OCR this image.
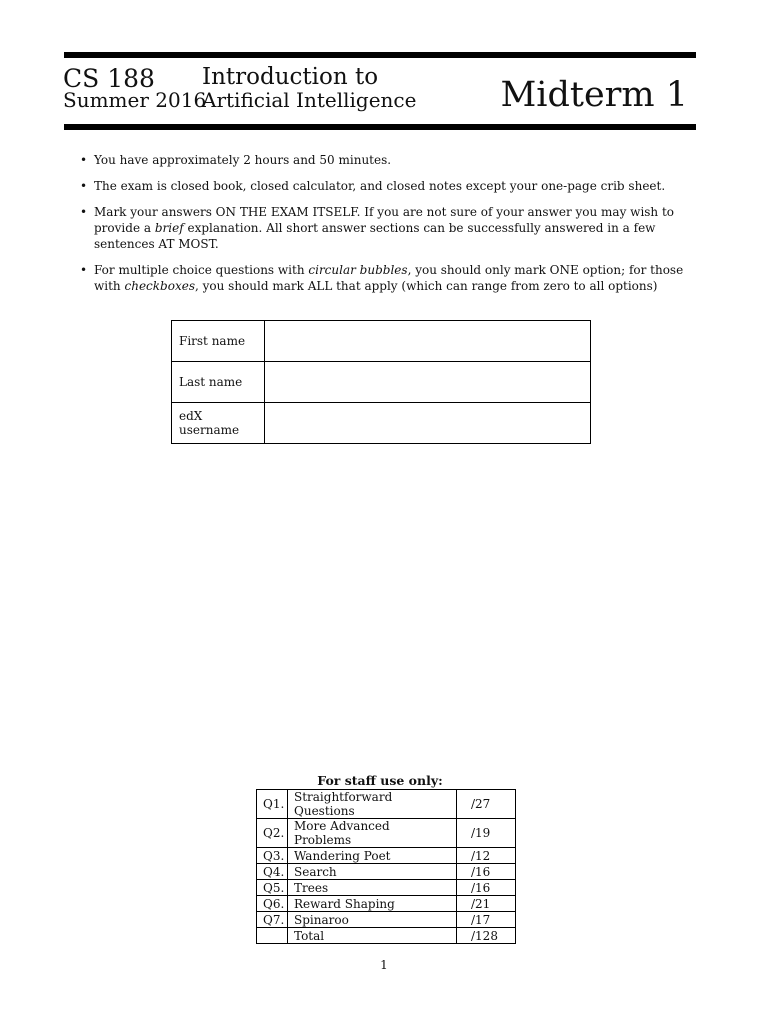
CS 188
Summer 2016
Introduction to
Artificial Intelligence Midterm 1
• You have approximately 2 hours and 50 minutes.
• The exam is closed book, closed calculator, and closed notes except your one-page crib sheet.
• Mark your answers ON THE EXAM ITSELF. If you are not sure of your answer you may wish to provide a brief explanation. All short answer sections can be successfully answered in a few sentences AT MOST.
• For multiple choice questions with circular bubbles, you should only mark ONE option; for those with checkboxes, you should mark ALL that apply (which can range from zero to all options)
First name	
Last name	
edX username	
For staff use only:
Q1.	Straightforward Questions	/27
Q2.	More Advanced Problems	/19
Q3.	Wandering Poet	/12
Q4.	Search	/16
Q5.	Trees	/16
Q6.	Reward Shaping	/21
Q7.	Spinaroo	/17
	Total	/128
1
